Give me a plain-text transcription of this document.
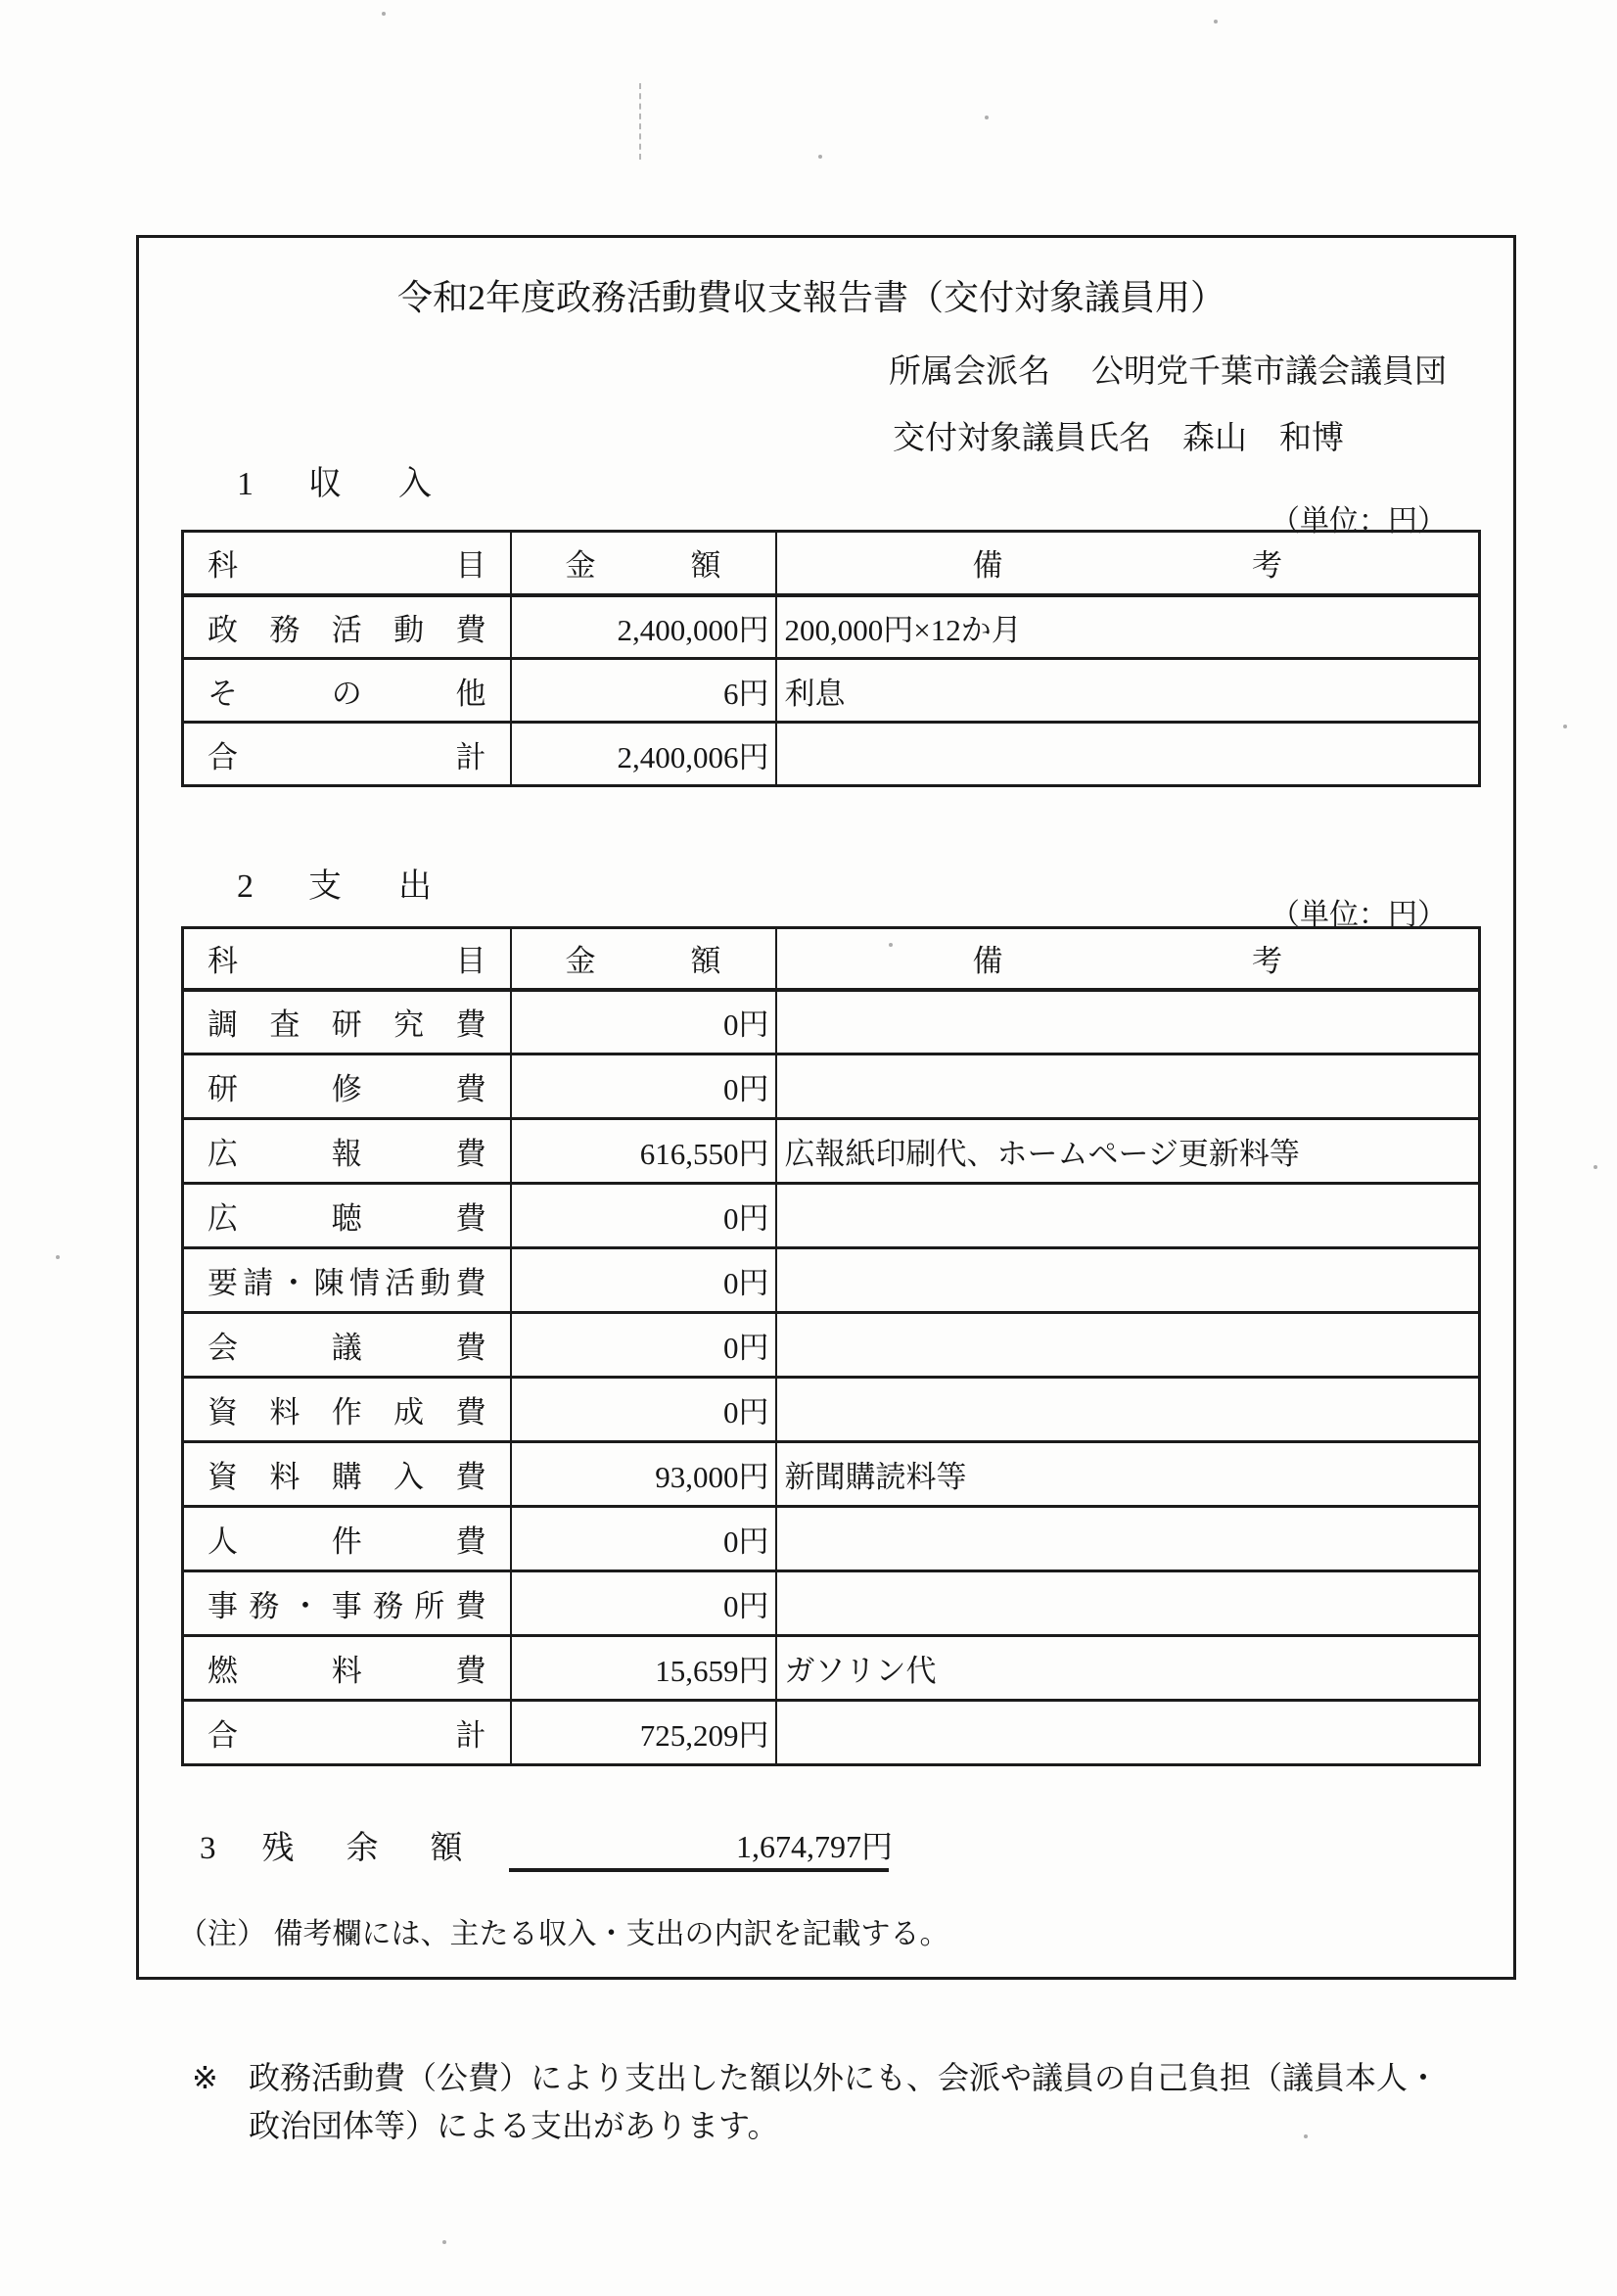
令和2年度政務活動費収支報告書（交付対象議員用）
所属会派名 公明党千葉市議会議員団
交付対象議員氏名 森山　和博
1 収　入
（単位：円）
科目	金額	備考
政務活動費	2,400,000円	200,000円×12か月
その他	6円	利息
合計	2,400,006円	
2 支　出
（単位：円）
科目	金額	備考
調査研究費	0円	
研修費	0円	
広報費	616,550円	広報紙印刷代、ホームページ更新料等
広聴費	0円	
要請・陳情活動費	0円	
会議費	0円	
資料作成費	0円	
資料購入費	93,000円	新聞購読料等
人件費	0円	
事務・事務所費	0円	
燃料費	15,659円	ガソリン代
合計	725,209円	
3 残　余　額	1,674,797円
（注） 備考欄には、主たる収入・支出の内訳を記載する。
※ 政務活動費（公費）により支出した額以外にも、会派や議員の自己負担（議員本人・
政治団体等）による支出があります。
